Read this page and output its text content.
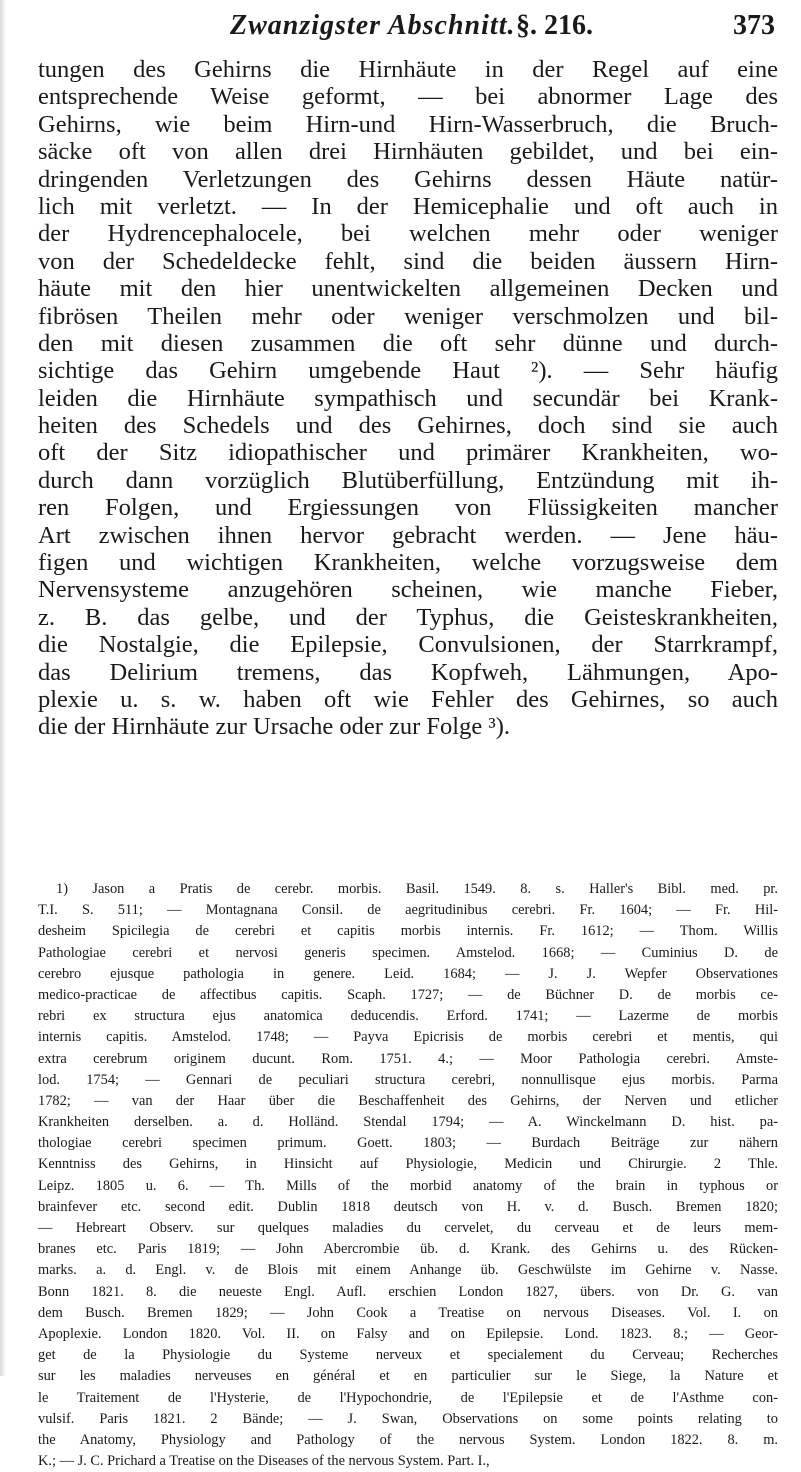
Zwanzigster Abschnitt. §. 216.	373
tungen des Gehirns die Hirnhäute in der Regel auf eine
entsprechende Weise geformt, — bei abnormer Lage des
Gehirns, wie beim Hirn-und Hirn-Wasserbruch, die Bruch-
säcke oft von allen drei Hirnhäuten gebildet, und bei ein-
dringenden Verletzungen des Gehirns dessen Häute natür-
lich mit verletzt. — In der Hemicephalie und oft auch in
der Hydrencephalocele, bei welchen mehr oder weniger
von der Schedeldecke fehlt, sind die beiden äussern Hirn-
häute mit den hier unentwickelten allgemeinen Decken und
fibrösen Theilen mehr oder weniger verschmolzen und bil-
den mit diesen zusammen die oft sehr dünne und durch-
sichtige das Gehirn umgebende Haut ²). — Sehr häufig
leiden die Hirnhäute sympathisch und secundär bei Krank-
heiten des Schedels und des Gehirnes, doch sind sie auch
oft der Sitz idiopathischer und primärer Krankheiten, wo-
durch dann vorzüglich Blutüberfüllung, Entzündung mit ih-
ren Folgen, und Ergiessungen von Flüssigkeiten mancher
Art zwischen ihnen hervor gebracht werden. — Jene häu-
figen und wichtigen Krankheiten, welche vorzugsweise dem
Nervensysteme anzugehören scheinen, wie manche Fieber,
z. B. das gelbe, und der Typhus, die Geisteskrankheiten,
die Nostalgie, die Epilepsie, Convulsionen, der Starrkrampf,
das Delirium tremens, das Kopfweh, Lähmungen, Apo-
plexie u. s. w. haben oft wie Fehler des Gehirnes, so auch
die der Hirnhäute zur Ursache oder zur Folge ³).
1) Jason a Pratis de cerebr. morbis. Basil. 1549. 8. s. Haller's Bibl. med. pr.
T.I. S. 511; — Montagnana Consil. de aegritudinibus cerebri. Fr. 1604; — Fr. Hil-
desheim Spicilegia de cerebri et capitis morbis internis. Fr. 1612; — Thom. Willis
Pathologiae cerebri et nervosi generis specimen. Amstelod. 1668; — Cuminius D. de
cerebro ejusque pathologia in genere. Leid. 1684; — J. J. Wepfer Observationes
medico-practicae de affectibus capitis. Scaph. 1727; — de Büchner D. de morbis ce-
rebri ex structura ejus anatomica deducendis. Erford. 1741; — Lazerme de morbis
internis capitis. Amstelod. 1748; — Payva Epicrisis de morbis cerebri et mentis, qui
extra cerebrum originem ducunt. Rom. 1751. 4.; — Moor Pathologia cerebri. Amste-
lod. 1754; — Gennari de peculiari structura cerebri, nonnullisque ejus morbis. Parma
1782; — van der Haar über die Beschaffenheit des Gehirns, der Nerven und etlicher
Krankheiten derselben. a. d. Holländ. Stendal 1794; — A. Winckelmann D. hist. pa-
thologiae cerebri specimen primum. Goett. 1803; — Burdach Beiträge zur nähern
Kenntniss des Gehirns, in Hinsicht auf Physiologie, Medicin und Chirurgie. 2 Thle.
Leipz. 1805 u. 6. — Th. Mills of the morbid anatomy of the brain in typhous or
brainfever etc. second edit. Dublin 1818 deutsch von H. v. d. Busch. Bremen 1820;
— Hebreart Observ. sur quelques maladies du cervelet, du cerveau et de leurs mem-
branes etc. Paris 1819; — John Abercrombie üb. d. Krank. des Gehirns u. des Rücken-
marks. a. d. Engl. v. de Blois mit einem Anhange üb. Geschwülste im Gehirne v. Nasse.
Bonn 1821. 8. die neueste Engl. Aufl. erschien London 1827, übers. von Dr. G. van
dem Busch. Bremen 1829; — John Cook a Treatise on nervous Diseases. Vol. I. on
Apoplexie. London 1820. Vol. II. on Falsy and on Epilepsie. Lond. 1823. 8.; — Geor-
get de la Physiologie du Systeme nerveux et specialement du Cerveau; Recherches
sur les maladies nerveuses en général et en particulier sur le Siege, la Nature et
le Traitement de l'Hysterie, de l'Hypochondrie, de l'Epilepsie et de l'Asthme con-
vulsif. Paris 1821. 2 Bände; — J. Swan, Observations on some points relating to
the Anatomy, Physiology and Pathology of the nervous System. London 1822. 8. m.
K.; — J. C. Prichard a Treatise on the Diseases of the nervous System. Part. I.,
